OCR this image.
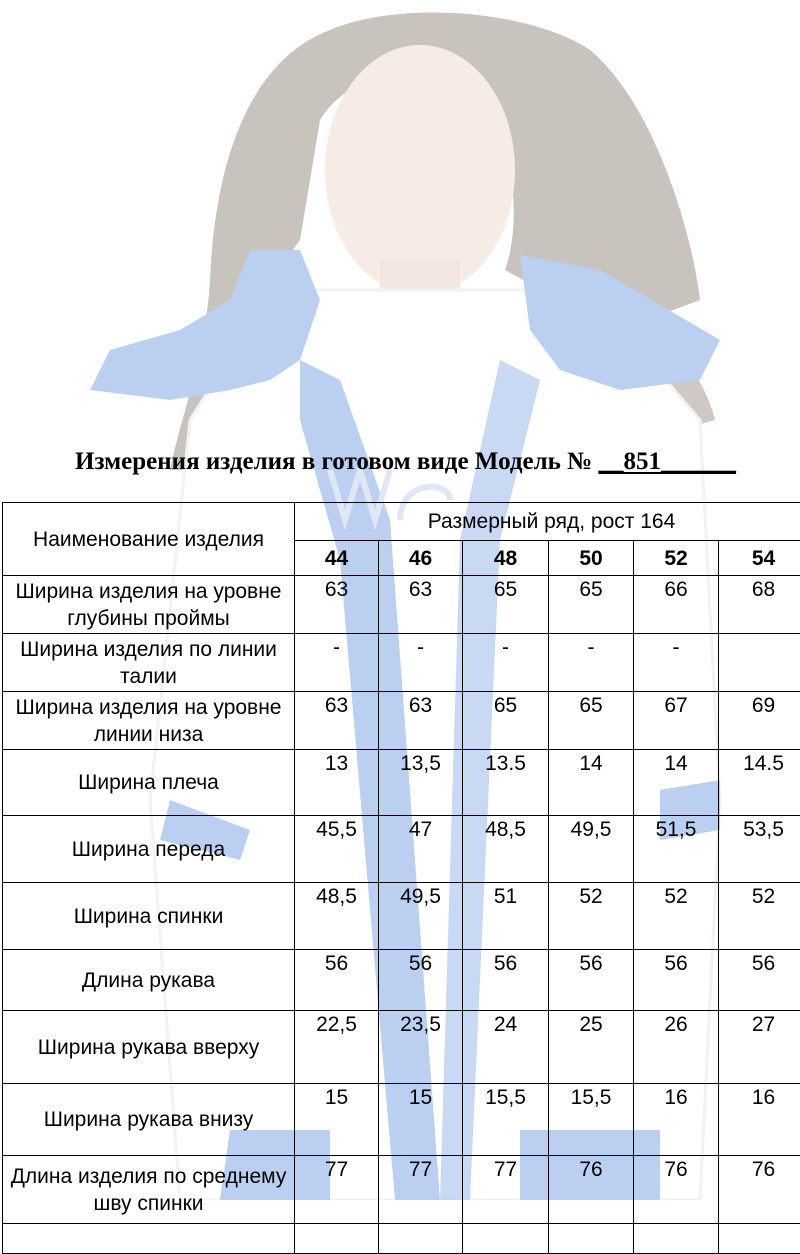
Измерения изделия в готовом виде Модель № __851______
Наименование изделия	Размерный ряд, рост 164					
	44	46	48	50	52	54
Ширина изделия на уровне глубины проймы	63	63	65	65	66	68
Ширина изделия по линии талии	-	-	-	-	-	
Ширина изделия на уровне линии низа	63	63	65	65	67	69
Ширина плеча	13	13,5	13.5	14	14	14.5
Ширина переда	45,5	47	48,5	49,5	51,5	53,5
Ширина спинки	48,5	49,5	51	52	52	52
Длина рукава	56	56	56	56	56	56
Ширина рукава вверху	22,5	23,5	24	25	26	27
Ширина рукава внизу	15	15	15,5	15,5	16	16
Длина изделия по среднему шву спинки	77	77	77	76	76	76
